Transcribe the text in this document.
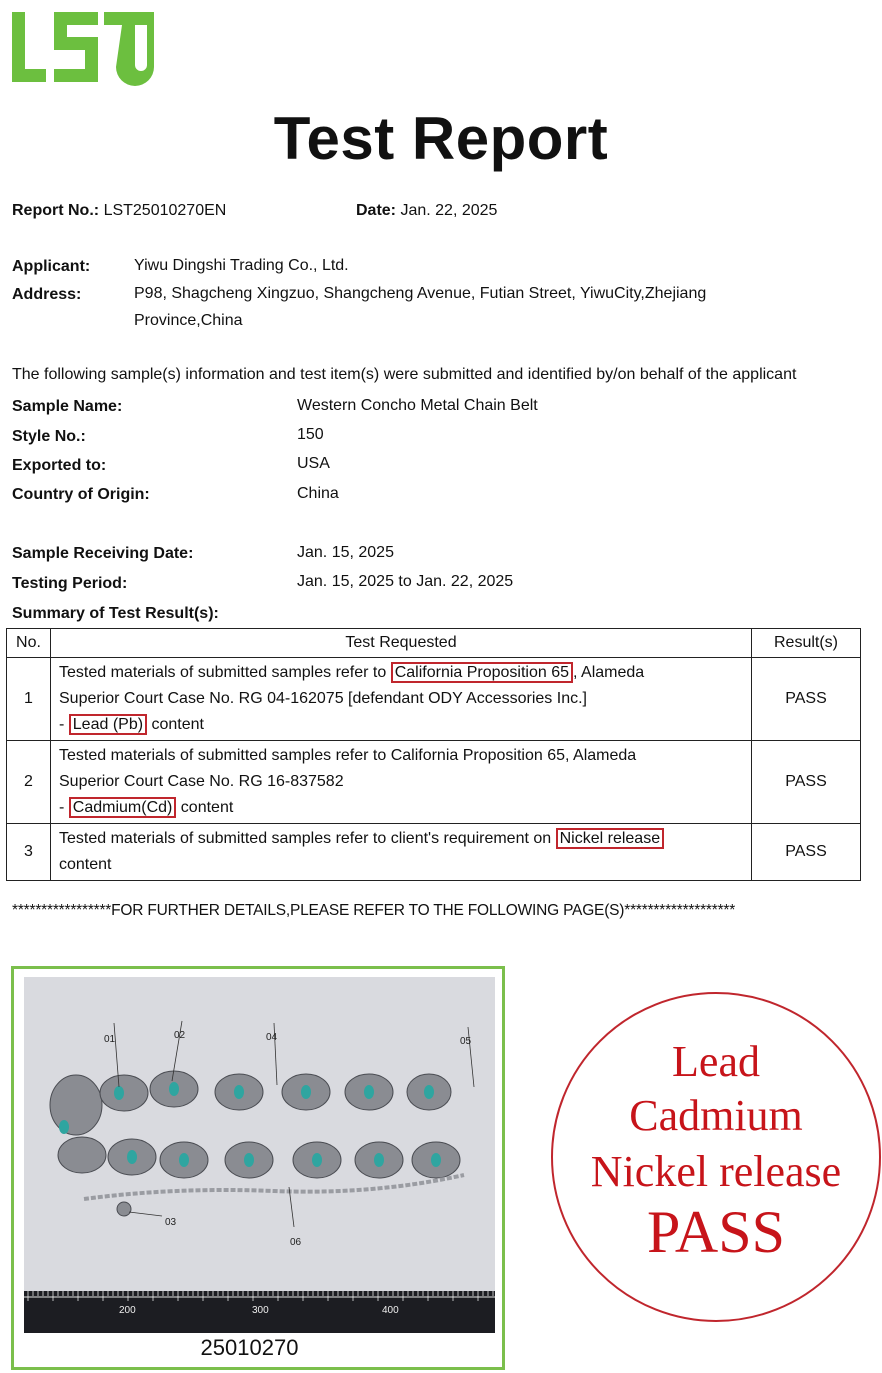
Test Report
Report No.: LST25010270EN	Date: Jan. 22, 2025
Applicant:	Yiwu Dingshi Trading Co., Ltd.
Address:	P98, Shagcheng Xingzuo, Shangcheng Avenue, Futian Street, YiwuCity,Zhejiang
Province,China
The following sample(s) information and test item(s) were submitted and identified by/on behalf of the applicant
Sample Name:	Western Concho Metal Chain Belt
Style No.:	150
Exported to:	USA
Country of Origin:	China
Sample Receiving Date:	Jan. 15, 2025
Testing Period:	Jan. 15, 2025 to Jan. 22, 2025
Summary of Test Result(s):
No.	Test Requested	Result(s)
1	Tested materials of submitted samples refer to California Proposition 65 , Alameda
Superior Court Case No. RG 04-162075 [defendant ODY Accessories Inc.]
- Lead (Pb) content	PASS
2	Tested materials of submitted samples refer to California Proposition 65, Alameda
Superior Court Case No. RG 16-837582
- Cadmium(Cd) content	PASS
3	Tested materials of submitted samples refer to client's requirement on Nickel release
content	PASS
*****************FOR FURTHER DETAILS,PLEASE REFER TO THE FOLLOWING PAGE(S)*******************
01	02	04	05
03
06
200	300	400
25010270
Lead
Cadmium
Nickel release
PASS
